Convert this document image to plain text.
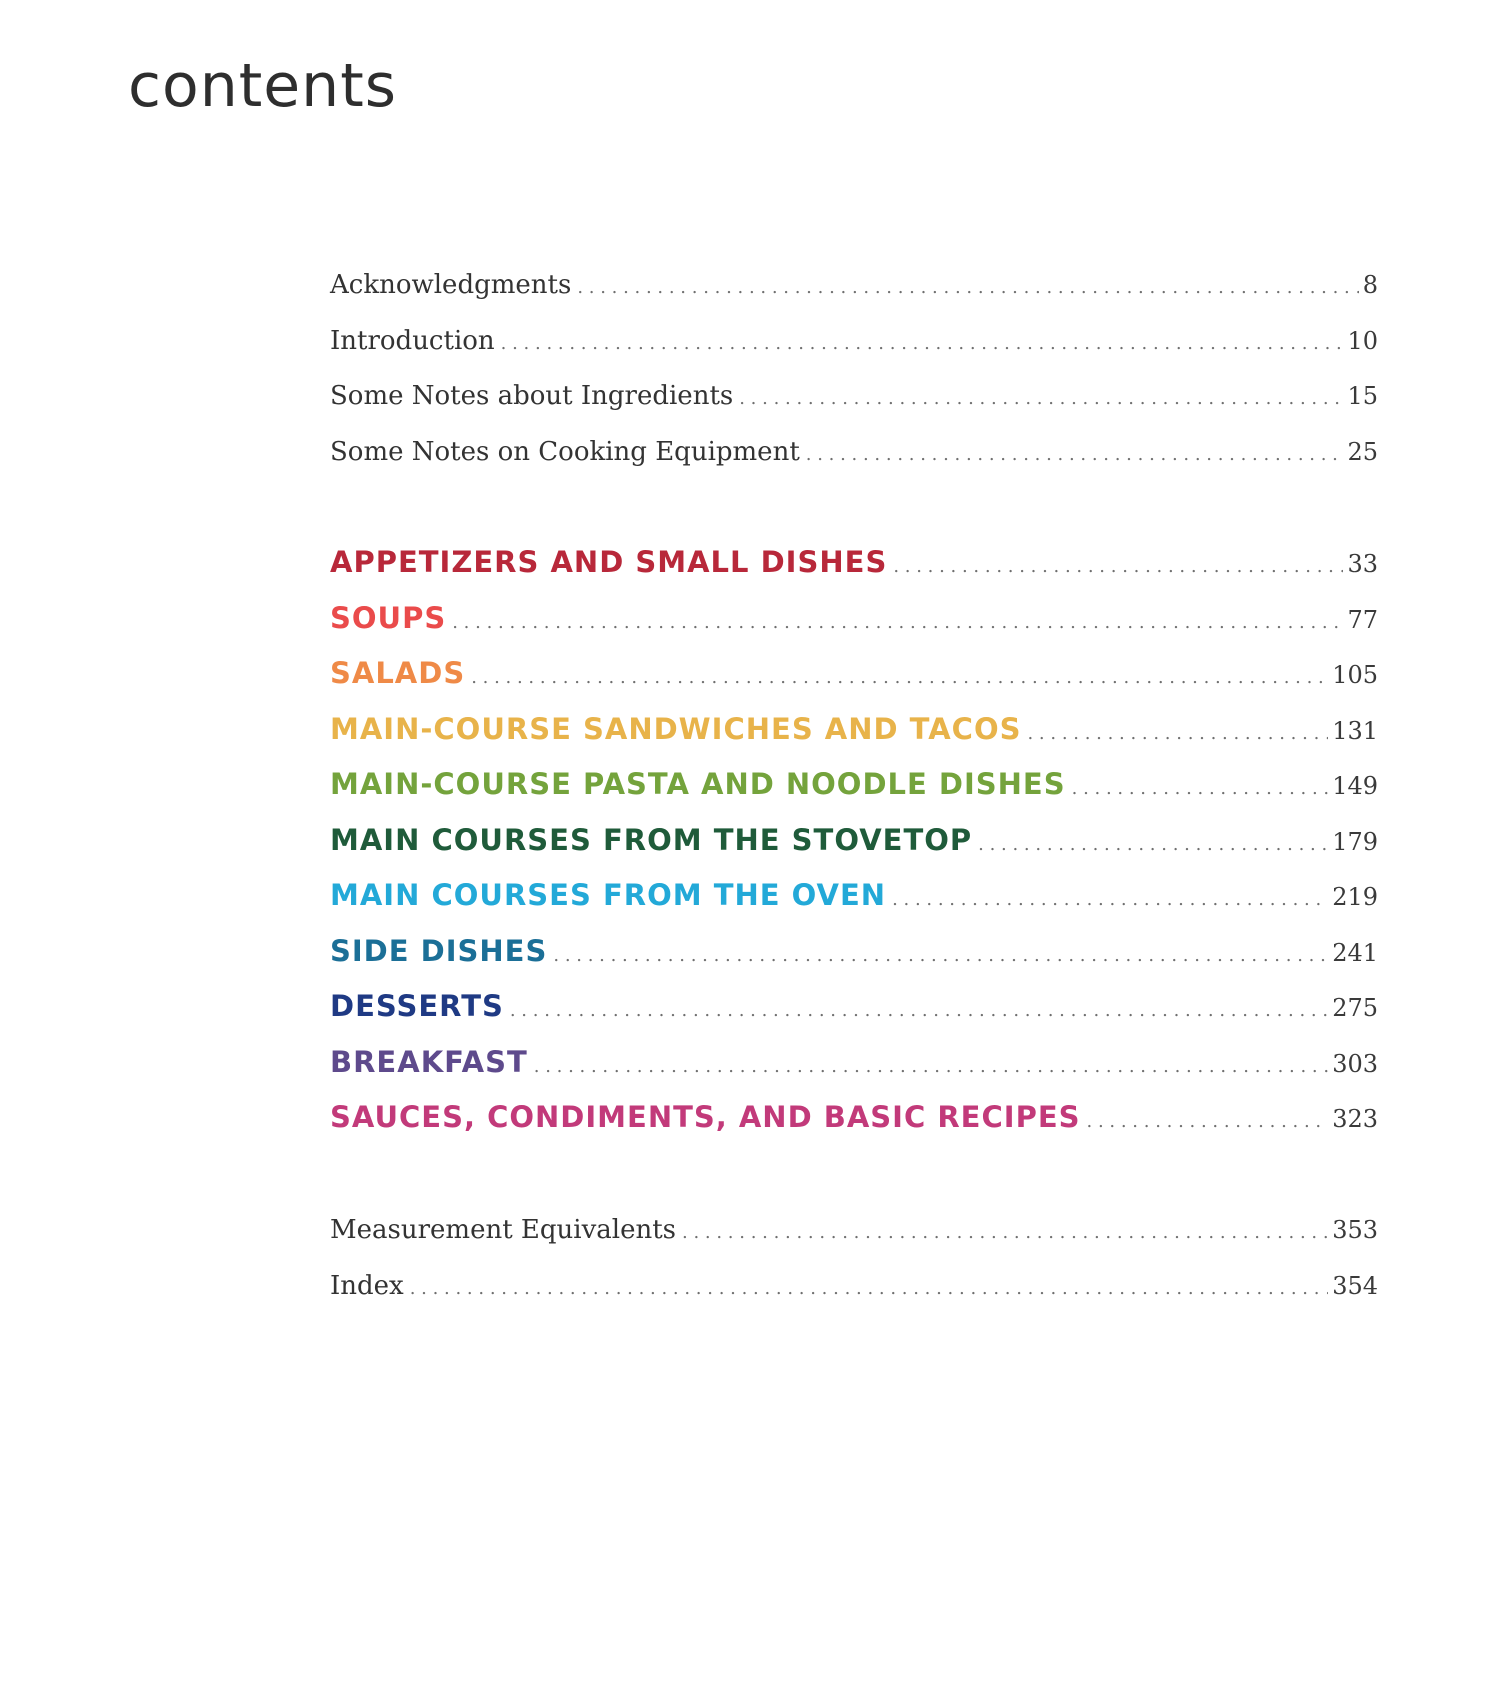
contents
Acknowledgments . . .	8
Introduction . . .	10
Some Notes about Ingredients . . .	15
Some Notes on Cooking Equipment . . .	25
APPETIZERS AND SMALL DISHES . . .	33
SOUPS . . .	77
SALADS . . .	105
MAIN-COURSE SANDWICHES AND TACOS . . .	131
MAIN-COURSE PASTA AND NOODLE DISHES . . .	149
MAIN COURSES FROM THE STOVETOP . . .	179
MAIN COURSES FROM THE OVEN . . .	219
SIDE DISHES . . .	241
DESSERTS . . .	275
BREAKFAST . . .	303
SAUCES, CONDIMENTS, AND BASIC RECIPES . . .	323
Measurement Equivalents . . .	353
Index . . .	354
